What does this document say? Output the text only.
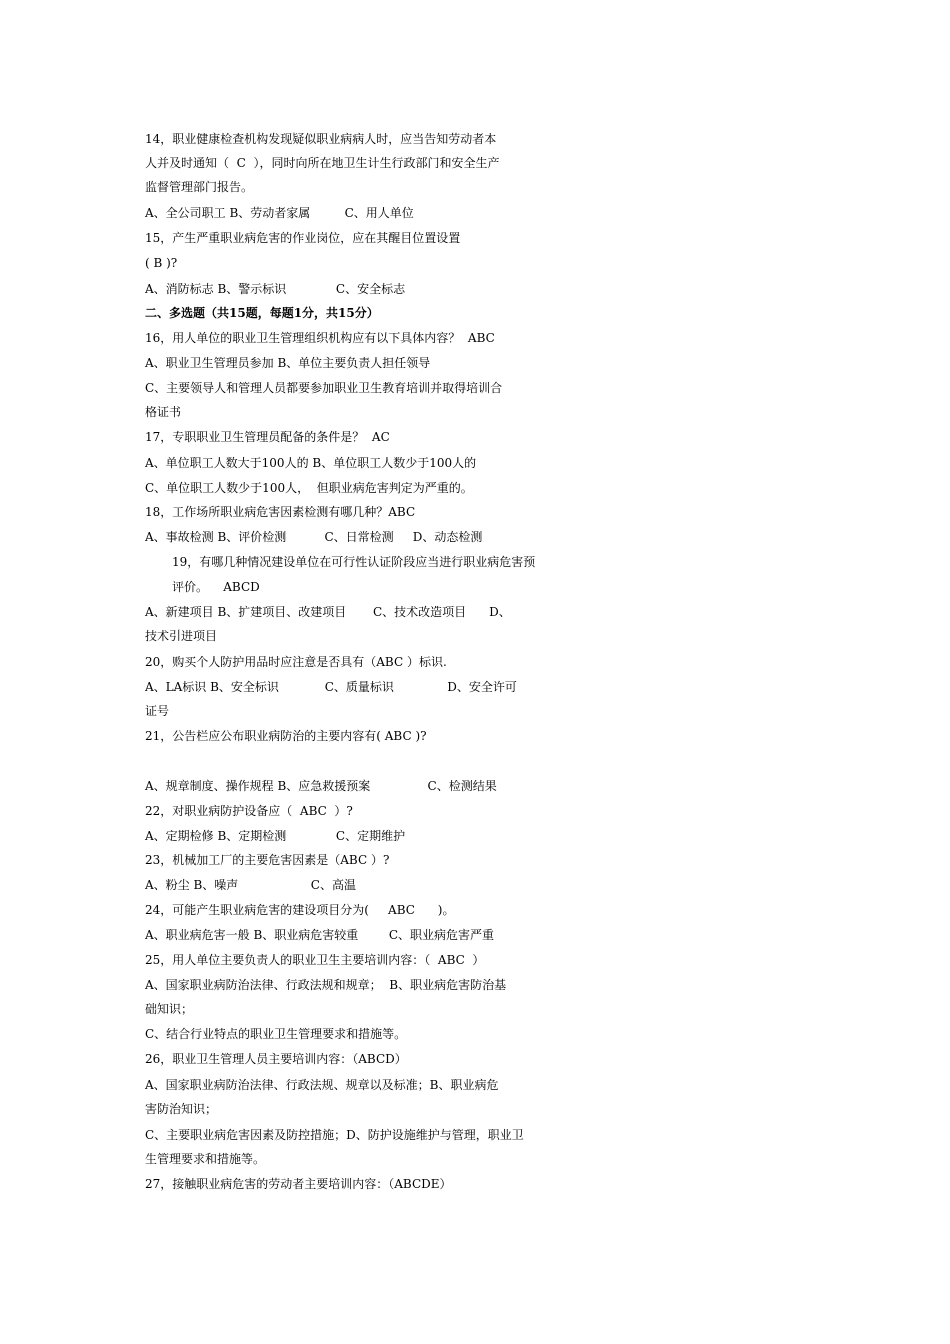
14，职业健康检查机构发现疑似职业病病人时，应当告知劳动者本
人并及时通知（  C  ），同时向所在地卫生计生行政部门和安全生产
监督管理部门报告。
A、全公司职工 B、劳动者家属         C、用人单位
15，产生严重职业病危害的作业岗位，应在其醒目位置设置
( B )?
A、消防标志 B、警示标识             C、安全标志
二、多选题（共15题，每题1分，共15分）
16，用人单位的职业卫生管理组织机构应有以下具体内容？  ABC
A、职业卫生管理员参加 B、单位主要负责人担任领导
C、主要领导人和管理人员都要参加职业卫生教育培训并取得培训合
格证书
17，专职职业卫生管理员配备的条件是？  AC
A、单位职工人数大于100人的 B、单位职工人数少于100人的
C、单位职工人数少于100人，  但职业病危害判定为严重的。
18，工作场所职业病危害因素检测有哪几种？ABC
A、事故检测 B、评价检测          C、日常检测     D、动态检测
19，有哪几种情况建设单位在可行性认证阶段应当进行职业病危害预
评价。    ABCD
A、新建项目 B、扩建项目、改建项目       C、技术改造项目      D、
技术引进项目
20，购买个人防护用品时应注意是否具有（ABC ）标识.
A、LA标识 B、安全标识            C、质量标识              D、安全许可
证号
21，公告栏应公布职业病防治的主要内容有( ABC )?
A、规章制度、操作规程 B、应急救援预案               C、检测结果
22，对职业病防护设备应（  ABC  ）?
A、定期检修 B、定期检测             C、定期维护
23，机械加工厂的主要危害因素是（ABC ）?
A、粉尘 B、噪声                   C、高温
24，可能产生职业病危害的建设项目分为(     ABC      )。
A、职业病危害一般 B、职业病危害较重        C、职业病危害严重
25，用人单位主要负责人的职业卫生主要培训内容：（  ABC  ）
A、国家职业病防治法律、行政法规和规章；  B、职业病危害防治基
础知识；
C、结合行业特点的职业卫生管理要求和措施等。
26，职业卫生管理人员主要培训内容：（ABCD）
A、国家职业病防治法律、行政法规、规章以及标准；B、职业病危
害防治知识；
C、主要职业病危害因素及防控措施；D、防护设施维护与管理，职业卫
生管理要求和措施等。
27，接触职业病危害的劳动者主要培训内容：（ABCDE）
